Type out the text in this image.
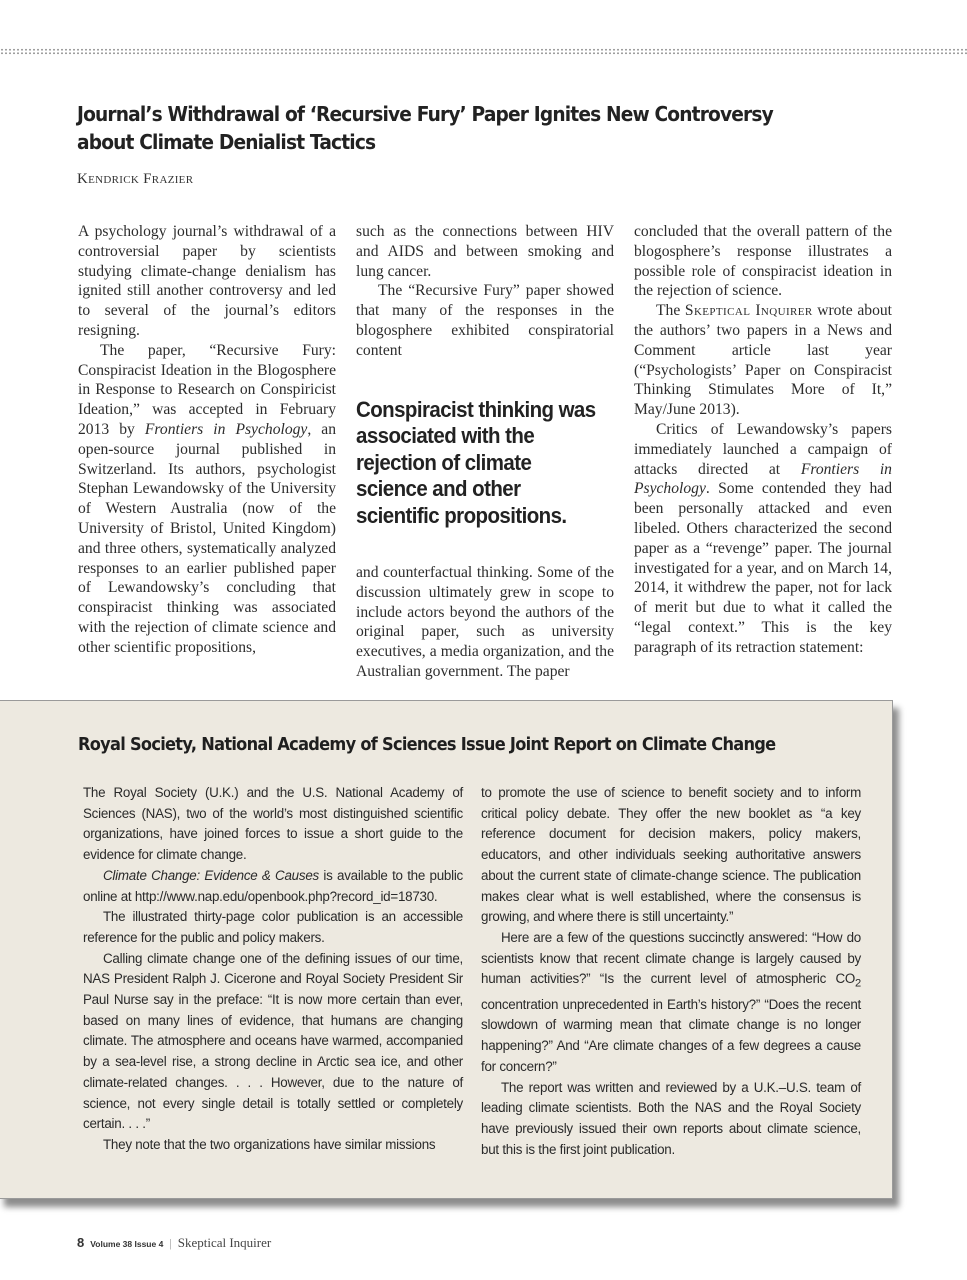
Journal’s Withdrawal of ‘Recursive Fury’ Paper Ignites New Controversy about Climate Denialist Tactics
Kendrick Frazier

A psychology journal’s withdrawal of a controversial paper by scientists studying climate-change denialism has ignited still another controversy and led to several of the journal’s editors resigning.

The paper, “Recursive Fury: Conspiracist Ideation in the Blogosphere in Response to Research on Conspiricist Ideation,” was accepted in February 2013 by Frontiers in Psychology, an open-source journal published in Switzerland. Its authors, psychologist Stephan Lewandowsky of the University of Western Australia (now of the University of Bristol, United Kingdom) and three others, systematically analyzed responses to an earlier published paper of Lewandowsky’s concluding that conspiracist thinking was associated with the rejection of climate science and other scientific propositions,

such as the connections between HIV and AIDS and between smoking and lung cancer.

The “Recursive Fury” paper showed that many of the responses in the blogosphere exhibited conspiratorial content

Conspiracist thinking was associated with the rejection of climate science and other scientific propositions.

and counterfactual thinking. Some of the discussion ultimately grew in scope to include actors beyond the authors of the original paper, such as university executives, a media organization, and the Australian government. The paper

concluded that the overall pattern of the blogosphere’s response illustrates a possible role of conspiracist ideation in the rejection of science.

The Skeptical Inquirer wrote about the authors’ two papers in a News and Comment article last year (“Psychologists’ Paper on Conspiracist Thinking Stimulates More of It,” May/June 2013).

Critics of Lewandowsky’s papers immediately launched a campaign of attacks directed at Frontiers in Psychology. Some contended they had been personally attacked and even libeled. Others characterized the second paper as a “revenge” paper. The journal investigated for a year, and on March 14, 2014, it withdrew the paper, not for lack of merit but due to what it called the “legal context.” This is the key paragraph of its retraction statement:

Royal Society, National Academy of Sciences Issue Joint Report on Climate Change

The Royal Society (U.K.) and the U.S. National Academy of Sciences (NAS), two of the world’s most distinguished scientific organizations, have joined forces to issue a short guide to the evidence for climate change.

Climate Change: Evidence & Causes is available to the public online at http://www.nap.edu/openbook.php?record_id=18730.

The illustrated thirty-page color publication is an accessible reference for the public and policy makers.

Calling climate change one of the defining issues of our time, NAS President Ralph J. Cicerone and Royal Society President Sir Paul Nurse say in the preface: “It is now more certain than ever, based on many lines of evidence, that humans are changing climate. The atmosphere and oceans have warmed, accompanied by a sea-level rise, a strong decline in Arctic sea ice, and other climate-related changes. . . . However, due to the nature of science, not every single detail is totally settled or completely certain. . . .”

They note that the two organizations have similar missions

to promote the use of science to benefit society and to inform critical policy debate. They offer the new booklet as “a key reference document for decision makers, policy makers, educators, and other individuals seeking authoritative answers about the current state of climate-change science. The publication makes clear what is well established, where the consensus is growing, and where there is still uncertainty.”

Here are a few of the questions succinctly answered: “How do scientists know that recent climate change is largely caused by human activities?” “Is the current level of atmospheric $CO_2$ concentration unprecedented in Earth’s history?” “Does the recent slowdown of warming mean that climate change is no longer happening?” And “Are climate changes of a few degrees a cause for concern?”

The report was written and reviewed by a U.K.–U.S. team of leading climate scientists. Both the NAS and the Royal Society have previously issued their own reports about climate science, but this is the first joint publication.

8 Volume 38 Issue 4 | Skeptical Inquirer
